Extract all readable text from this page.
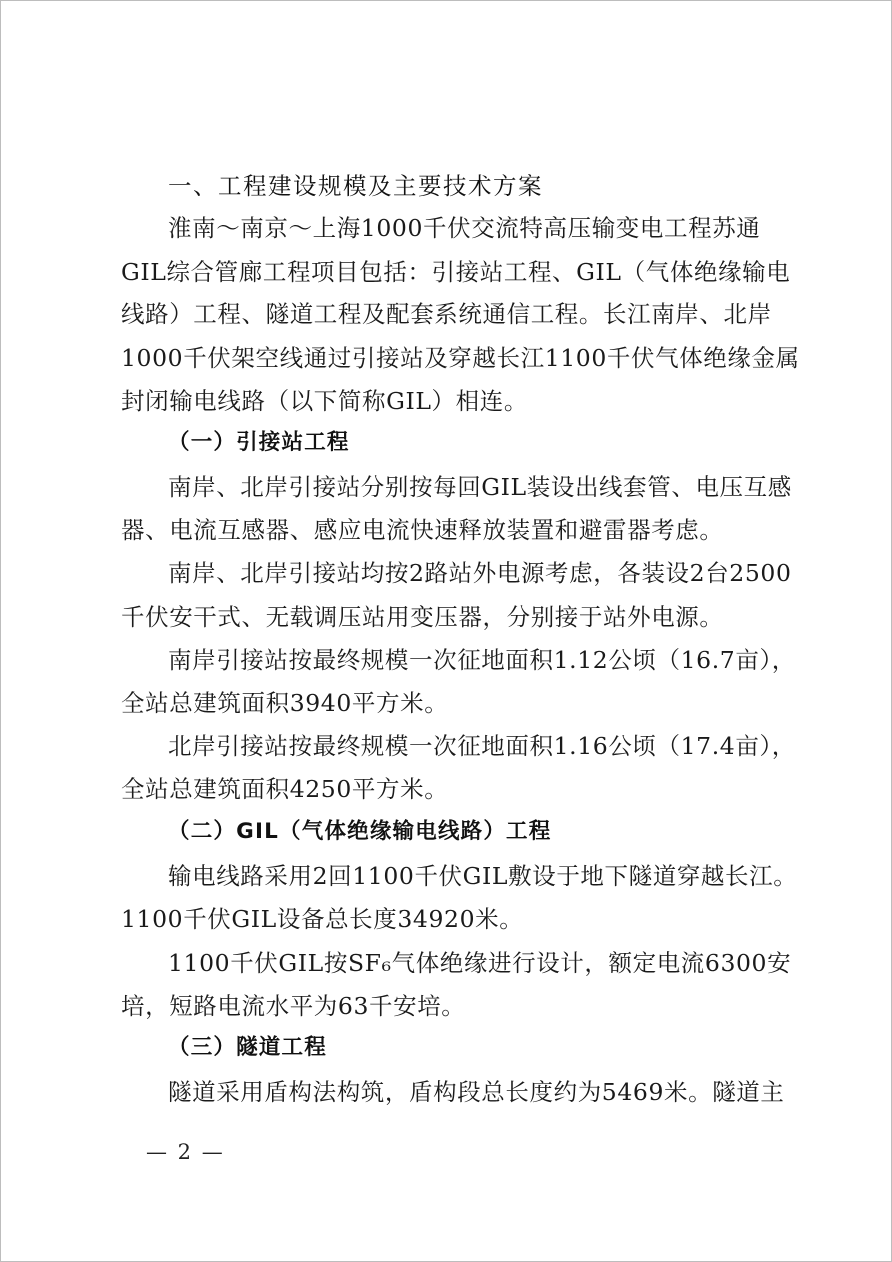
一、工程建设规模及主要技术方案
淮南～南京～上海1000千伏交流特高压输变电工程苏通
GIL综合管廊工程项目包括：引接站工程、GIL（气体绝缘输电
线路）工程、隧道工程及配套系统通信工程。长江南岸、北岸
1000千伏架空线通过引接站及穿越长江1100千伏气体绝缘金属
封闭输电线路（以下简称GIL）相连。
（一）引接站工程
南岸、北岸引接站分别按每回GIL装设出线套管、电压互感
器、电流互感器、感应电流快速释放装置和避雷器考虑。
南岸、北岸引接站均按2路站外电源考虑，各装设2台2500
千伏安干式、无载调压站用变压器，分别接于站外电源。
南岸引接站按最终规模一次征地面积1.12公顷（16.7亩），
全站总建筑面积3940平方米。
北岸引接站按最终规模一次征地面积1.16公顷（17.4亩），
全站总建筑面积4250平方米。
（二）GIL（气体绝缘输电线路）工程
输电线路采用2回1100千伏GIL敷设于地下隧道穿越长江。
1100千伏GIL设备总长度34920米。
1100千伏GIL按SF₆气体绝缘进行设计，额定电流6300安
培，短路电流水平为63千安培。
（三）隧道工程
隧道采用盾构法构筑，盾构段总长度约为5469米。隧道主
— 2 —
